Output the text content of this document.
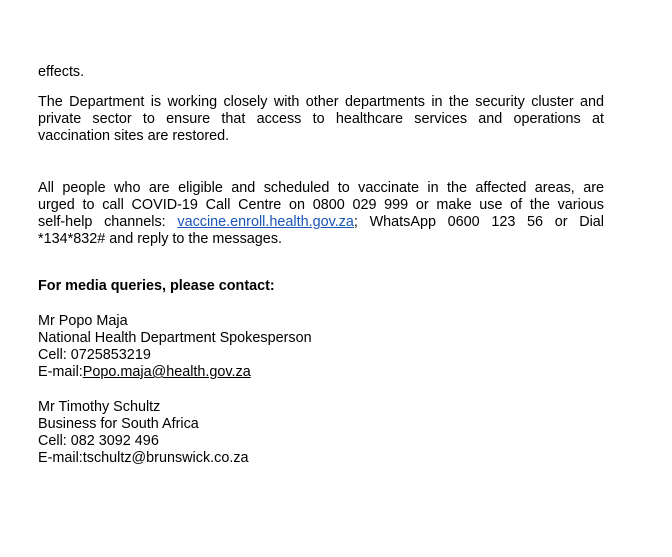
effects.
The Department is working closely with other departments in the security cluster and
private sector to ensure that access to healthcare services and operations at
vaccination sites are restored.
All people who are eligible and scheduled to vaccinate in the affected areas, are
urged to call COVID-19 Call Centre on 0800 029 999 or make use of the various
self-help channels: vaccine.enroll.health.gov.za; WhatsApp 0600 123 56 or Dial
*134*832# and reply to the messages.
For media queries, please contact:
Mr Popo Maja
National Health Department Spokesperson
Cell: 0725853219
E-mail:Popo.maja@health.gov.za
Mr Timothy Schultz
Business for South Africa
Cell: 082 3092 496
E-mail:tschultz@brunswick.co.za
